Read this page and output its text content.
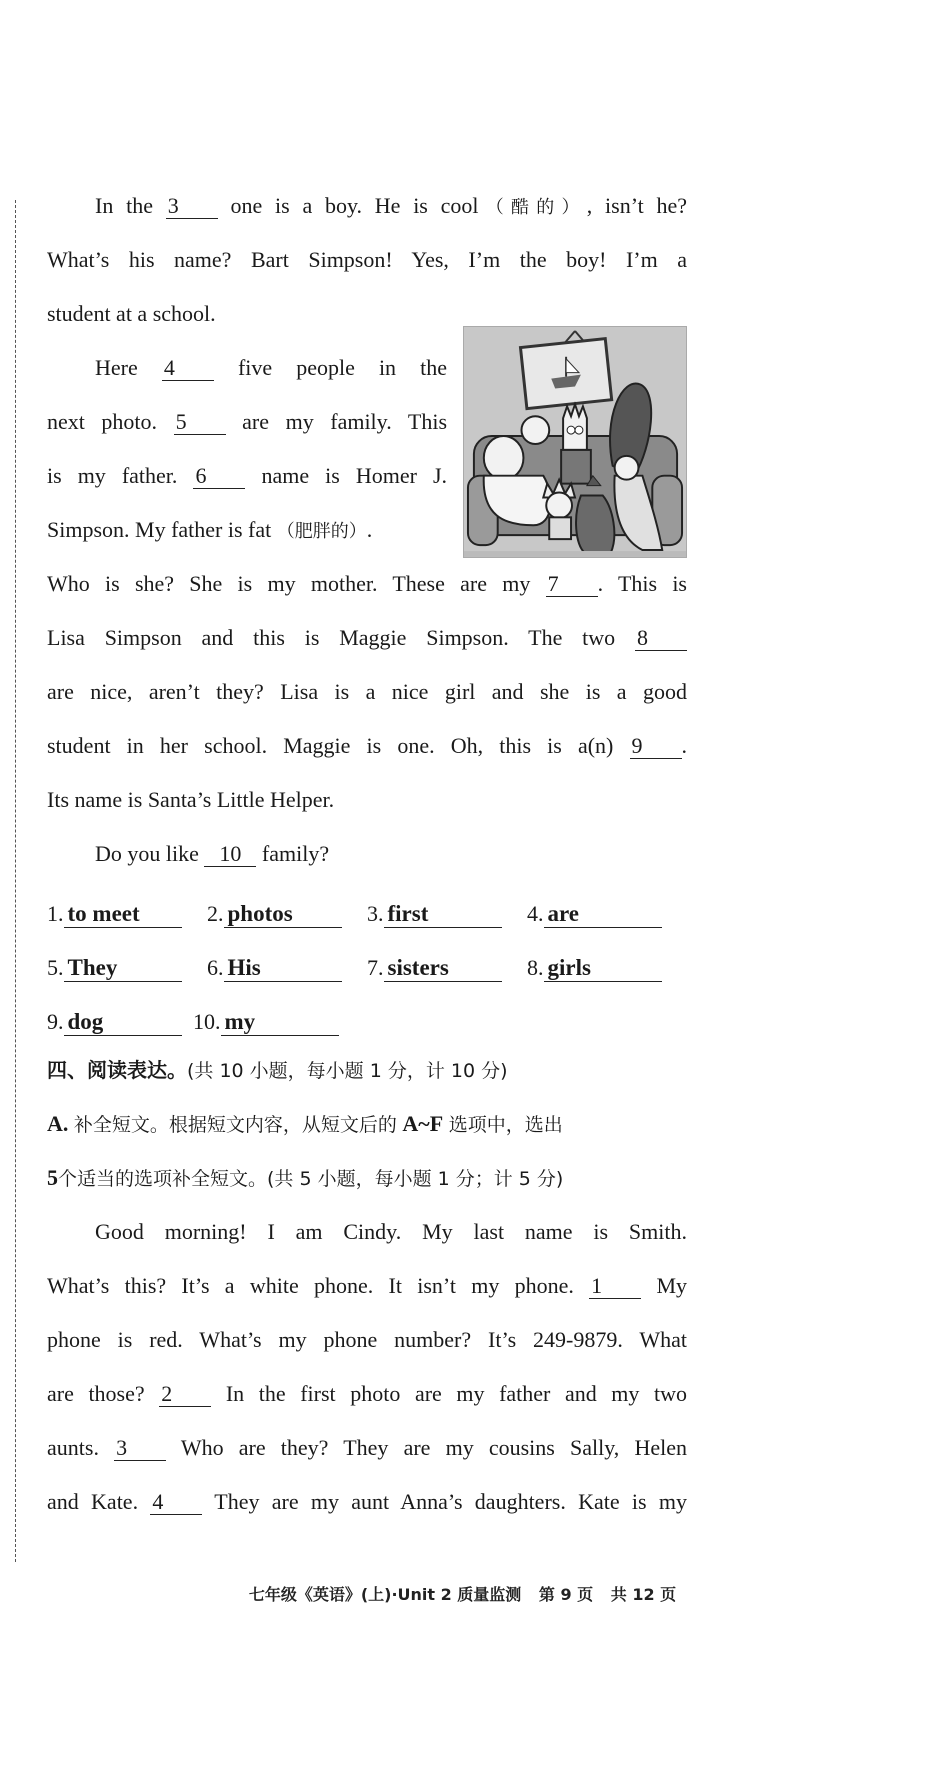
In the 3 one is a boy. He is cool（酷的）, isn’t he?
What’s his name? Bart Simpson! Yes, I’m the boy! I’m a
student at a school.
Here 4	five people in the
next photo. 5	are my family. This
is my father. 6	name is Homer J.
Simpson. My father is fat （肥胖的）.
Who is she? She is my mother. These are my 7 . This is
Lisa Simpson and this is Maggie Simpson. The two 8
are nice, aren’t they? Lisa is a nice girl and she is a good
student in her school. Maggie is one. Oh, this is a(n) 9 .
Its name is Santa’s Little Helper.
Do you like 10 family?
1. to meet	2. photos	3. first	4. are
5. They	6. His	7. sisters	8. girls
9. dog	10. my
四、阅读表达。(共 10 小题，每小题 1 分，计 10 分)
A. 补全短文。根据短文内容，从短文后的 A~F 选项中，选出
5个适当的选项补全短文。(共 5 小题，每小题 1 分；计 5 分)
Good morning! I am Cindy. My last name is Smith.
What’s this? It’s a white phone. It isn’t my phone. 1 My
phone is red. What’s my phone number? It’s 249-9879. What
are those? 2 In the first photo are my father and my two
aunts. 3 Who are they? They are my cousins Sally, Helen
and Kate. 4 They are my aunt Anna’s daughters. Kate is my
七年级《英语》(上)·Unit 2 质量监测 第 9 页 共 12 页
